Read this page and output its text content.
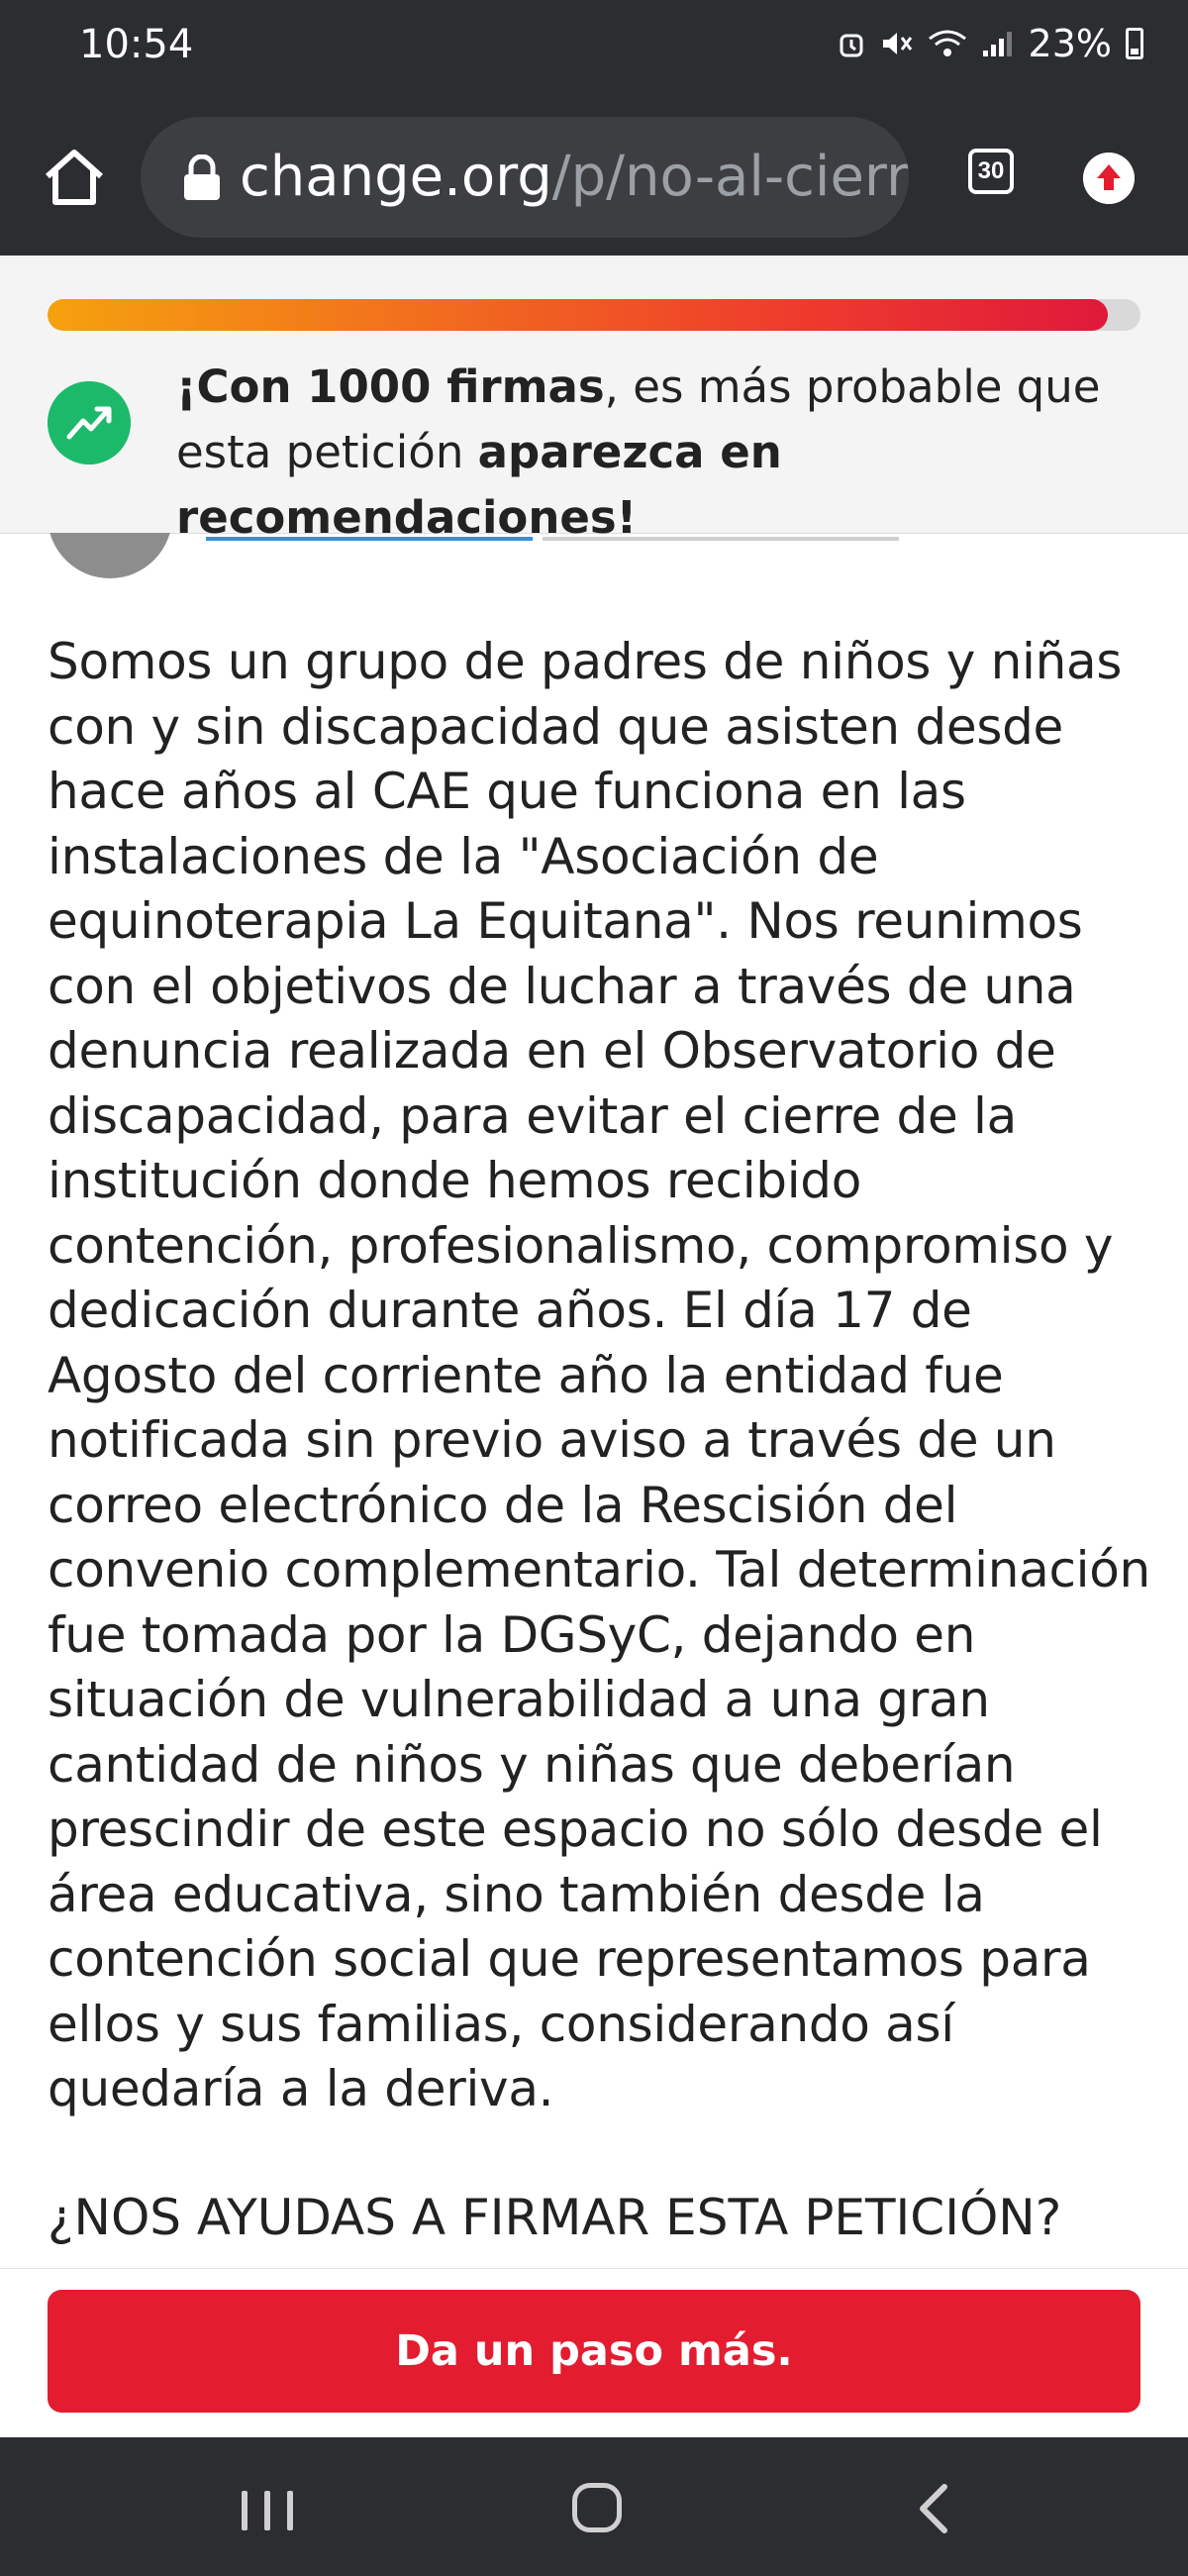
10:54	23%
change.org/p/no-al-cierr	30
¡Con 1000 firmas, es más probable que esta petición aparezca en recomendaciones!

Somos un grupo de padres de niños y niñas con y sin discapacidad que asisten desde hace años al CAE que funciona en las instalaciones de la "Asociación de equinoterapia La Equitana". Nos reunimos con el objetivos de luchar a través de una denuncia realizada en el Observatorio de discapacidad, para evitar el cierre de la institución donde hemos recibido contención, profesionalismo, compromiso y dedicación durante años. El día 17 de Agosto del corriente año la entidad fue notificada sin previo aviso a través de un correo electrónico de la Rescisión del convenio complementario. Tal determinación fue tomada por la DGSyC, dejando en situación de vulnerabilidad a una gran cantidad de niños y niñas que deberían prescindir de este espacio no sólo desde el área educativa, sino también desde la contención social que representamos para ellos y sus familias, considerando así quedaría a la deriva.

¿NOS AYUDAS A FIRMAR ESTA PETICIÓN?
Da un paso más.
